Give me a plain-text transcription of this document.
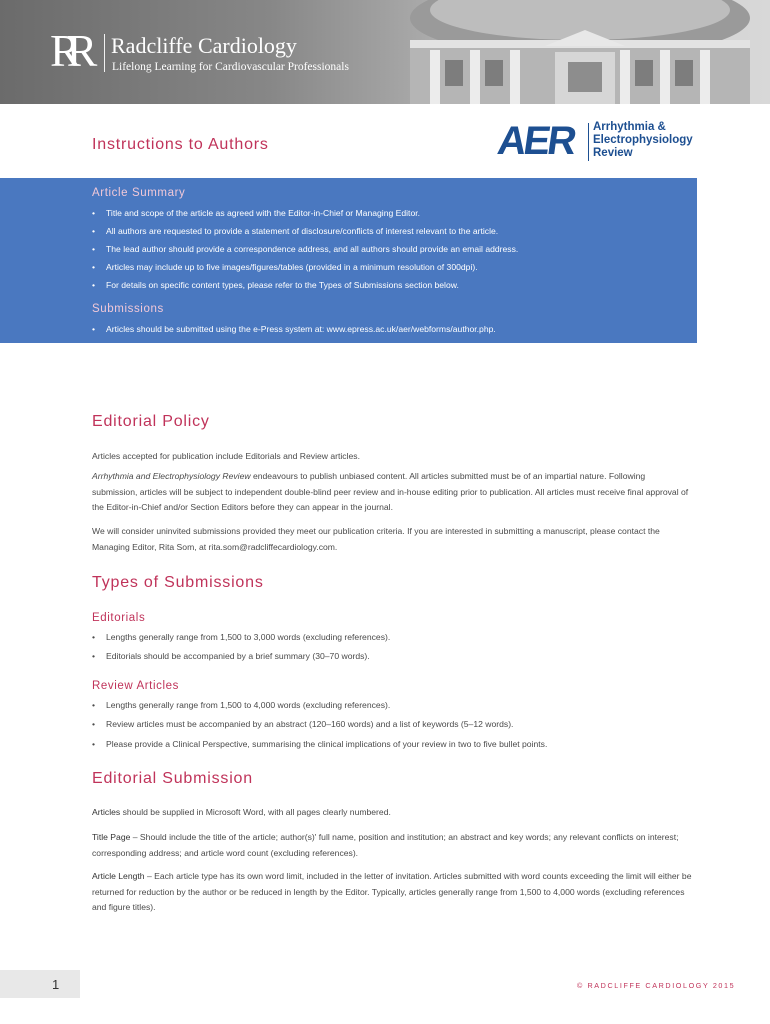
RR	Radcliffe Cardiology
Lifelong Learning for Cardiovascular Professionals
Instructions to Authors	AER Arrhythmia &
Electrophysiology
Review
Article Summary
• Title and scope of the article as agreed with the Editor-in-Chief or Managing Editor.
• All authors are requested to provide a statement of disclosure/conflicts of interest relevant to the article.
• The lead author should provide a correspondence address, and all authors should provide an email address.
• Articles may include up to five images/figures/tables (provided in a minimum resolution of 300dpi).
• For details on specific content types, please refer to the Types of Submissions section below.
Submissions
• Articles should be submitted using the e-Press system at: www.epress.ac.uk/aer/webforms/author.php.
Editorial Policy

Articles accepted for publication include Editorials and Review articles.

Arrhythmia and Electrophysiology Review endeavours to publish unbiased content. All articles submitted must be of an impartial nature. Following submission, articles will be subject to independent double-blind peer review and in-house editing prior to publication. All articles must receive final approval of the Editor-in-Chief and/or Section Editors before they can appear in the journal.

We will consider uninvited submissions provided they meet our publication criteria. If you are interested in submitting a manuscript, please contact the Managing Editor, Rita Som, at rita.som@radcliffecardiology.com.

Types of Submissions
Editorials
• Lengths generally range from 1,500 to 3,000 words (excluding references).
• Editorials should be accompanied by a brief summary (30–70 words).
Review Articles
• Lengths generally range from 1,500 to 4,000 words (excluding references).
• Review articles must be accompanied by an abstract (120–160 words) and a list of keywords (5–12 words).
• Please provide a Clinical Perspective, summarising the clinical implications of your review in two to five bullet points.
Editorial Submission

Articles should be supplied in Microsoft Word, with all pages clearly numbered.

Title Page – Should include the title of the article; author(s)' full name, position and institution; an abstract and key words; any relevant conflicts on interest; corresponding address; and article word count (excluding references).

Article Length – Each article type has its own word limit, included in the letter of invitation. Articles submitted with word counts exceeding the limit will either be returned for reduction by the author or be reduced in length by the Editor. Typically, articles generally range from 1,500 to 4,000 words (excluding references and figure titles).

1	© RADCLIFFE CARDIOLOGY 2015
